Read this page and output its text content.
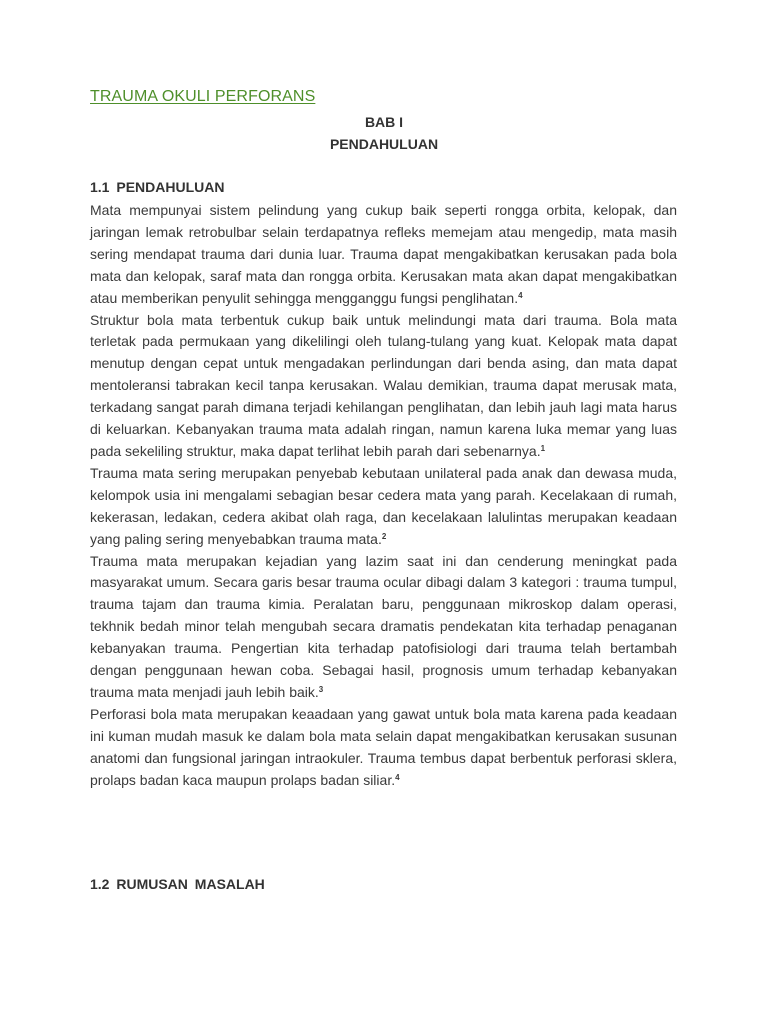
TRAUMA OKULI PERFORANS
BAB I
PENDAHULUAN
1.1 PENDAHULUAN

Mata mempunyai sistem pelindung yang cukup baik seperti rongga orbita, kelopak, dan jaringan lemak retrobulbar selain terdapatnya refleks memejam atau mengedip, mata masih sering mendapat trauma dari dunia luar. Trauma dapat mengakibatkan kerusakan pada bola mata dan kelopak, saraf mata dan rongga orbita. Kerusakan mata akan dapat mengakibatkan atau memberikan penyulit sehingga mengganggu fungsi penglihatan.$^4$

Struktur bola mata terbentuk cukup baik untuk melindungi mata dari trauma. Bola mata terletak pada permukaan yang dikelilingi oleh tulang-tulang yang kuat. Kelopak mata dapat menutup dengan cepat untuk mengadakan perlindungan dari benda asing, dan mata dapat mentoleransi tabrakan kecil tanpa kerusakan. Walau demikian, trauma dapat merusak mata, terkadang sangat parah dimana terjadi kehilangan penglihatan, dan lebih jauh lagi mata harus di keluarkan. Kebanyakan trauma mata adalah ringan, namun karena luka memar yang luas pada sekeliling struktur, maka dapat terlihat lebih parah dari sebenarnya.$^1$

Trauma mata sering merupakan penyebab kebutaan unilateral pada anak dan dewasa muda, kelompok usia ini mengalami sebagian besar cedera mata yang parah. Kecelakaan di rumah, kekerasan, ledakan, cedera akibat olah raga, dan kecelakaan lalulintas merupakan keadaan yang paling sering menyebabkan trauma mata.$^2$

Trauma mata merupakan kejadian yang lazim saat ini dan cenderung meningkat pada masyarakat umum. Secara garis besar trauma ocular dibagi dalam 3 kategori : trauma tumpul, trauma tajam dan trauma kimia. Peralatan baru, penggunaan mikroskop dalam operasi, tekhnik bedah minor telah mengubah secara dramatis pendekatan kita terhadap penaganan kebanyakan trauma. Pengertian kita terhadap patofisiologi dari trauma telah bertambah dengan penggunaan hewan coba. Sebagai hasil, prognosis umum terhadap kebanyakan trauma mata menjadi jauh lebih baik.$^3$

Perforasi bola mata merupakan keaadaan yang gawat untuk bola mata karena pada keadaan ini kuman mudah masuk ke dalam bola mata selain dapat mengakibatkan kerusakan susunan anatomi dan fungsional jaringan intraokuler. Trauma tembus dapat berbentuk perforasi sklera, prolaps badan kaca maupun prolaps badan siliar.$^4$

1.2 RUMUSAN MASALAH
